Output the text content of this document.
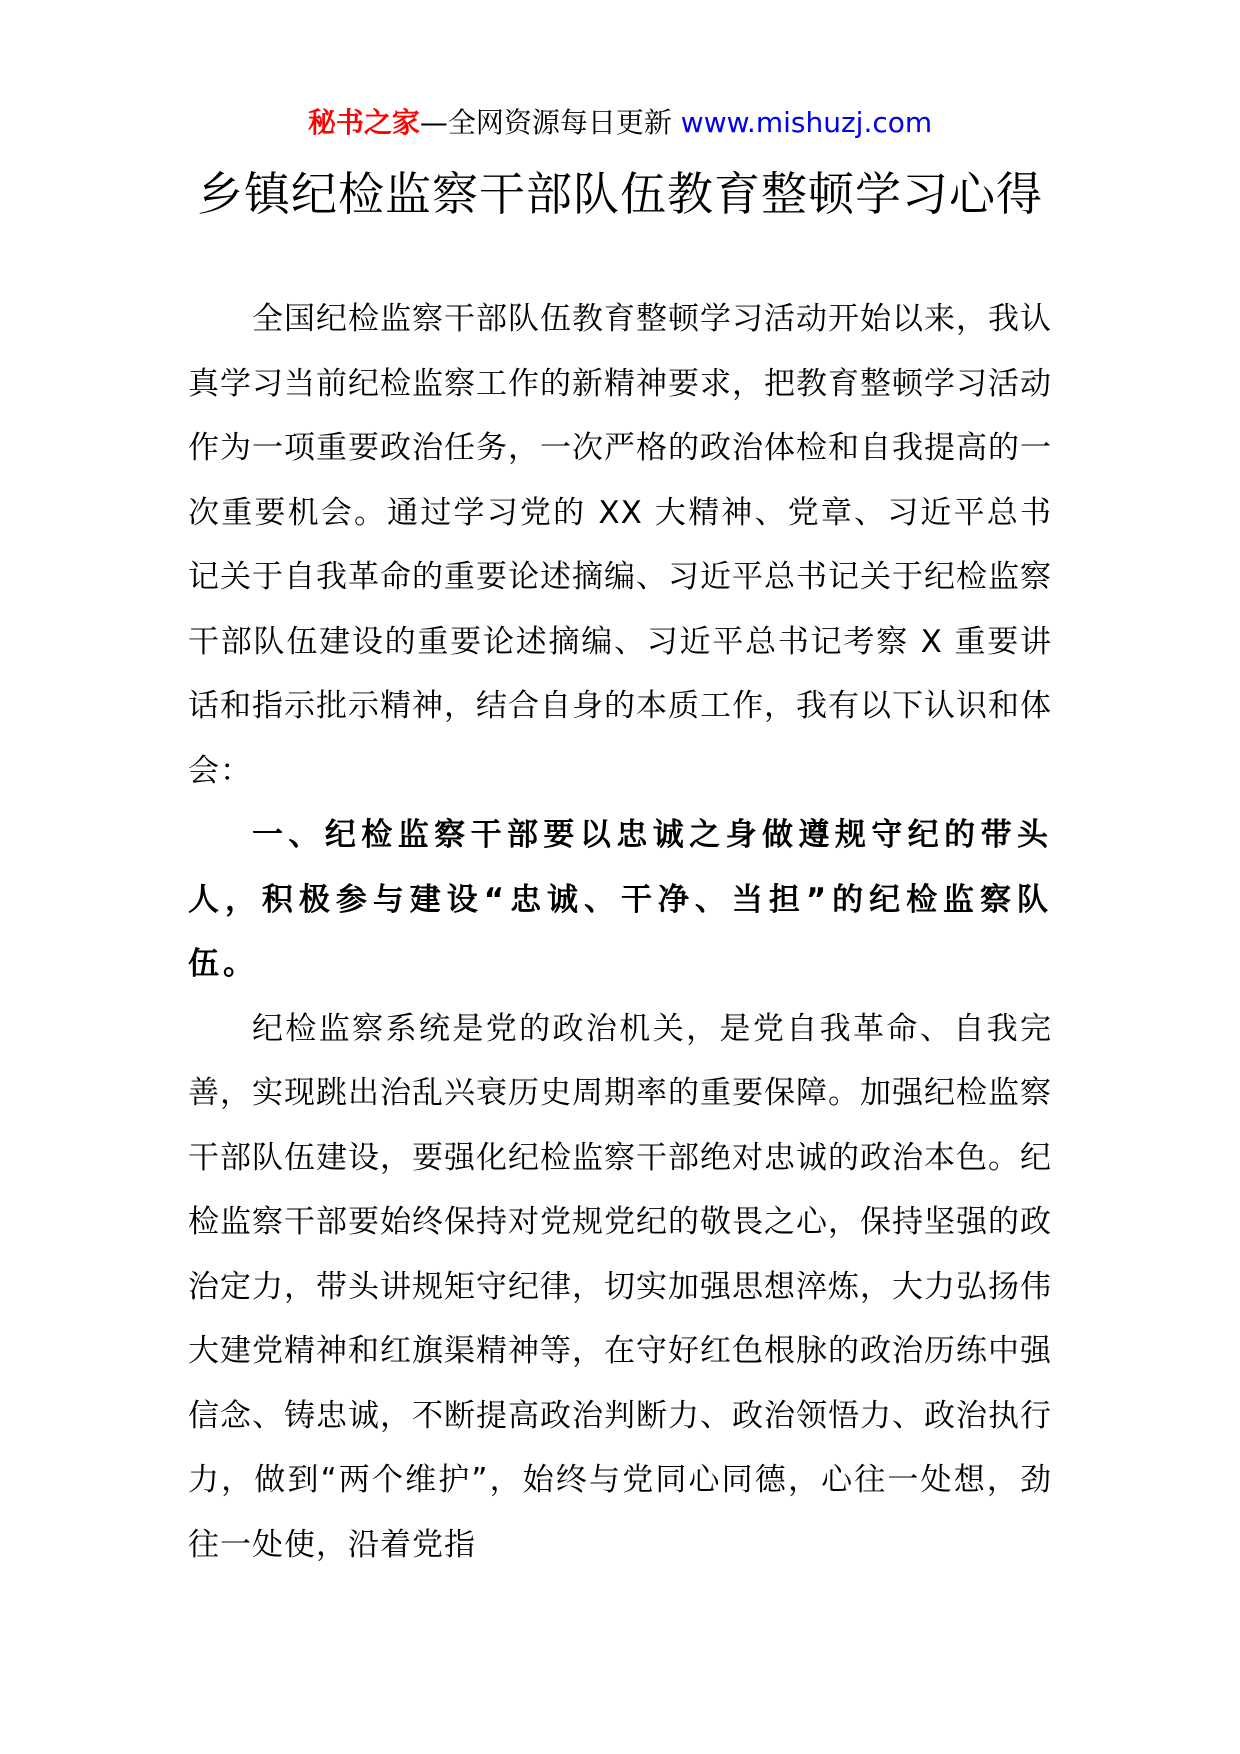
秘书之家—全网资源每日更新 www.mishuzj.com
乡镇纪检监察干部队伍教育整顿学习心得

全国纪检监察干部队伍教育整顿学习活动开始以来，我认真学习当前纪检监察工作的新精神要求，把教育整顿学习活动作为一项重要政治任务，一次严格的政治体检和自我提高的一次重要机会。通过学习党的 XX 大精神、党章、习近平总书记关于自我革命的重要论述摘编、习近平总书记关于纪检监察干部队伍建设的重要论述摘编、习近平总书记考察 X 重要讲话和指示批示精神，结合自身的本质工作，我有以下认识和体会：

一、纪检监察干部要以忠诚之身做遵规守纪的带头人，积极参与建设“忠诚、干净、当担”的纪检监察队伍。

纪检监察系统是党的政治机关，是党自我革命、自我完善，实现跳出治乱兴衰历史周期率的重要保障。加强纪检监察干部队伍建设，要强化纪检监察干部绝对忠诚的政治本色。纪检监察干部要始终保持对党规党纪的敬畏之心，保持坚强的政治定力，带头讲规矩守纪律，切实加强思想淬炼，大力弘扬伟大建党精神和红旗渠精神等，在守好红色根脉的政治历练中强信念、铸忠诚，不断提高政治判断力、政治领悟力、政治执行力，做到“两个维护”，始终与党同心同德，心往一处想，劲往一处使，沿着党指
